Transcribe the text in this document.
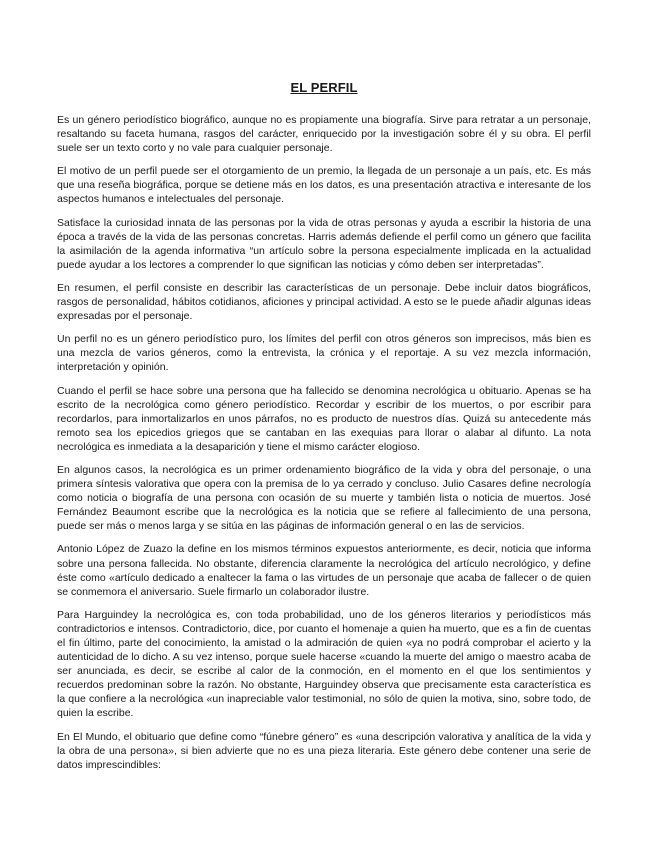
EL PERFIL

Es un género periodístico biográfico, aunque no es propiamente una biografía. Sirve para retratar a un personaje, resaltando su faceta humana, rasgos del carácter, enriquecido por la investigación sobre él y su obra. El perfil suele ser un texto corto y no vale para cualquier personaje.

El motivo de un perfil puede ser el otorgamiento de un premio, la llegada de un personaje a un país, etc. Es más que una reseña biográfica, porque se detiene más en los datos, es una presentación atractiva e interesante de los aspectos humanos e intelectuales del personaje.

Satisface la curiosidad innata de las personas por la vida de otras personas y ayuda a escribir la historia de una época a través de la vida de las personas concretas. Harris además defiende el perfil como un género que facilita la asimilación de la agenda informativa “un artículo sobre la persona especialmente implicada en la actualidad puede ayudar a los lectores a comprender lo que significan las noticias y cómo deben ser interpretadas”.

En resumen, el perfil consiste en describir las características de un personaje. Debe incluir datos biográficos, rasgos de personalidad, hábitos cotidianos, aficiones y principal actividad. A esto se le puede añadir algunas ideas expresadas por el personaje.

Un perfil no es un género periodístico puro, los límites del perfil con otros géneros son imprecisos, más bien es una mezcla de varios géneros, como la entrevista, la crónica y el reportaje. A su vez mezcla información, interpretación y opinión.

Cuando el perfil se hace sobre una persona que ha fallecido se denomina necrológica u obituario. Apenas se ha escrito de la necrológica como género periodístico. Recordar y escribir de los muertos, o por escribir para recordarlos, para inmortalizarlos en unos párrafos, no es producto de nuestros días. Quizá su antecedente más remoto sea los epicedios griegos que se cantaban en las exequias para llorar o alabar al difunto. La nota necrológica es inmediata a la desaparición y tiene el mismo carácter elogioso.

En algunos casos, la necrológica es un primer ordenamiento biográfico de la vida y obra del personaje, o una primera síntesis valorativa que opera con la premisa de lo ya cerrado y concluso. Julio Casares define necrología como noticia o biografía de una persona con ocasión de su muerte y también lista o noticia de muertos. José Fernández Beaumont escribe que la necrológica es la noticia que se refiere al fallecimiento de una persona, puede ser más o menos larga y se sitúa en las páginas de información general o en las de servicios.

Antonio López de Zuazo la define en los mismos términos expuestos anteriormente, es decir, noticia que informa sobre una persona fallecida. No obstante, diferencia claramente la necrológica del artículo necrológico, y define éste como «artículo dedicado a enaltecer la fama o las virtudes de un personaje que acaba de fallecer o de quien se conmemora el aniversario. Suele firmarlo un colaborador ilustre.

Para Harguindey la necrológica es, con toda probabilidad, uno de los géneros literarios y periodísticos más contradictorios e intensos. Contradictorio, dice, por cuanto el homenaje a quien ha muerto, que es a fin de cuentas el fin último, parte del conocimiento, la amistad o la admiración de quien «ya no podrá comprobar el acierto y la autenticidad de lo dicho. A su vez intenso, porque suele hacerse «cuando la muerte del amigo o maestro acaba de ser anunciada, es decir, se escribe al calor de la conmoción, en el momento en el que los sentimientos y recuerdos predominan sobre la razón. No obstante, Harguindey observa que precisamente esta característica es la que confiere a la necrológica «un inapreciable valor testimonial, no sólo de quien la motiva, sino, sobre todo, de quien la escribe.

En El Mundo, el obituario que define como “fúnebre género” es «una descripción valorativa y analítica de la vida y la obra de una persona», si bien advierte que no es una pieza literaria. Este género debe contener una serie de datos imprescindibles:
